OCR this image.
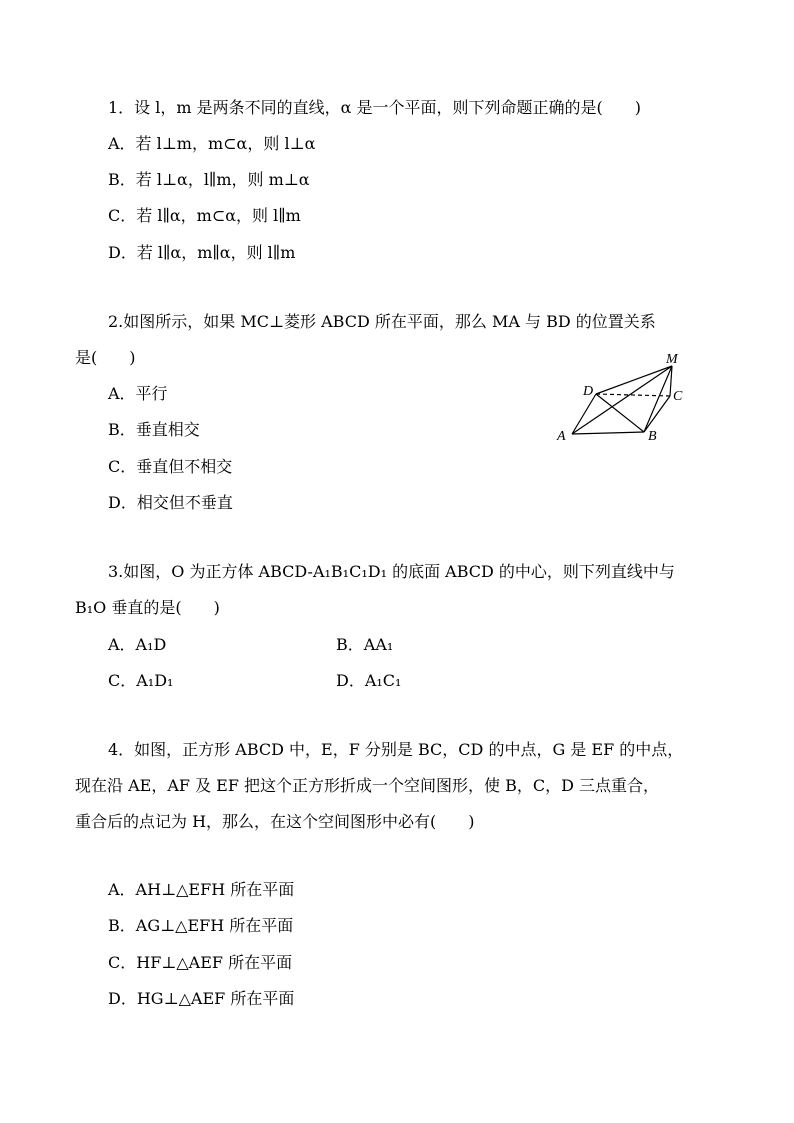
1．设 l，m 是两条不同的直线，α 是一个平面，则下列命题正确的是(　　)
A．若 l⊥m，m⊂α，则 l⊥α
B．若 l⊥α，l∥m，则 m⊥α
C．若 l∥α，m⊂α，则 l∥m
D．若 l∥α，m∥α，则 l∥m
2.如图所示，如果 MC⊥菱形 ABCD 所在平面，那么 MA 与 BD 的位置关系
是(　　)
A．平行
B．垂直相交
C．垂直但不相交
D．相交但不垂直
M
D	C
A	B
3.如图，O 为正方体 ABCD-A₁B₁C₁D₁ 的底面 ABCD 的中心，则下列直线中与
B₁O 垂直的是(　　)
A．A₁D	B．AA₁
C．A₁D₁	D．A₁C₁
4．如图，正方形 ABCD 中，E，F 分别是 BC，CD 的中点，G 是 EF 的中点，
现在沿 AE，AF 及 EF 把这个正方形折成一个空间图形，使 B，C，D 三点重合，
重合后的点记为 H，那么，在这个空间图形中必有(　　)
A．AH⊥△EFH 所在平面
B．AG⊥△EFH 所在平面
C．HF⊥△AEF 所在平面
D．HG⊥△AEF 所在平面
